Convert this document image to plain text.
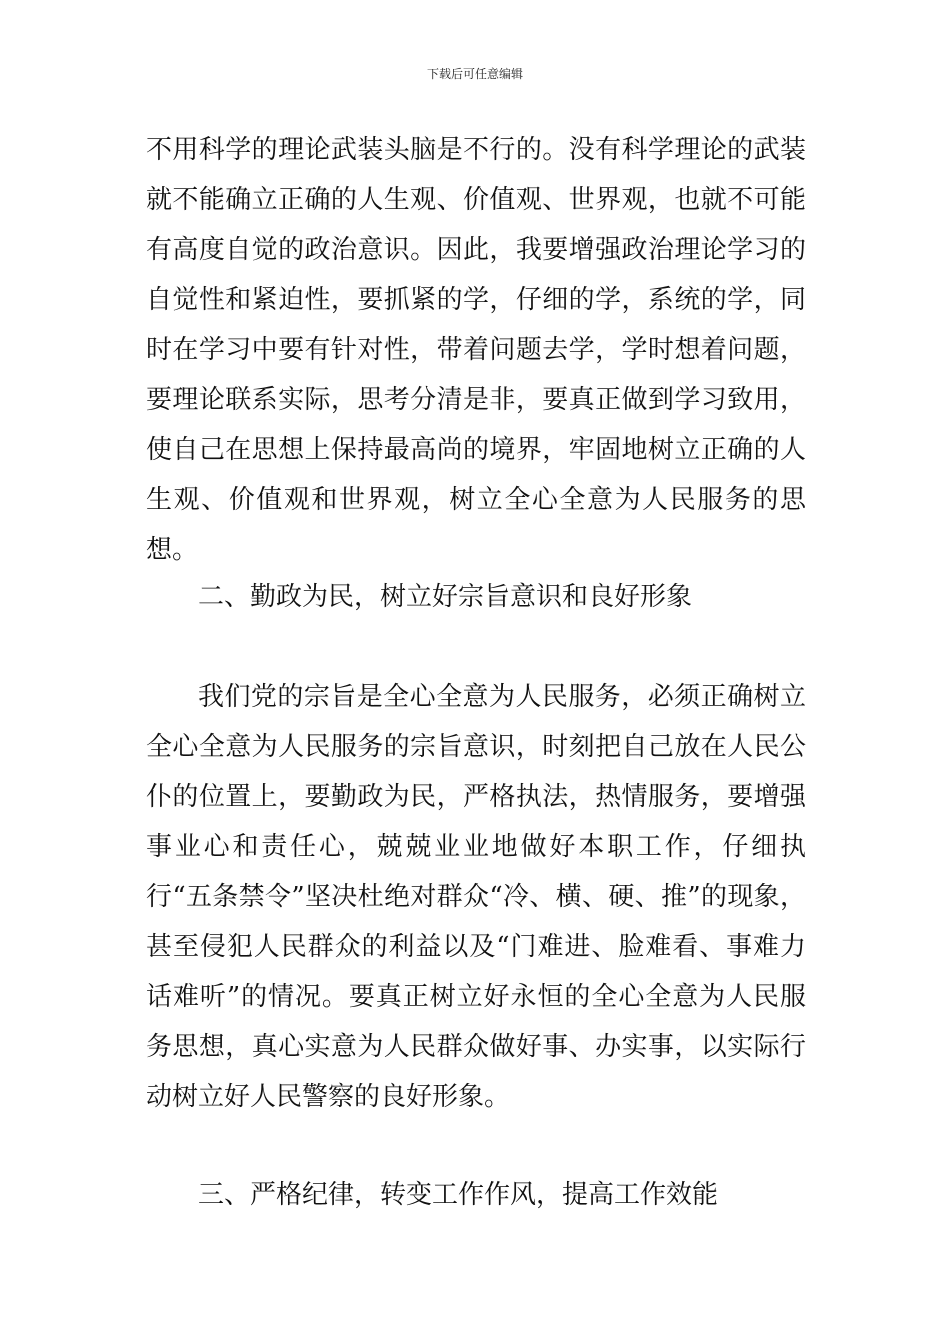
下载后可任意编辑

不用科学的理论武装头脑是不行的。没有科学理论的武装就不能确立正确的人生观、价值观、世界观，也就不可能有高度自觉的政治意识。因此，我要增强政治理论学习的自觉性和紧迫性，要抓紧的学，仔细的学，系统的学，同时在学习中要有针对性，带着问题去学，学时想着问题，要理论联系实际，思考分清是非，要真正做到学习致用，使自己在思想上保持最高尚的境界，牢固地树立正确的人生观、价值观和世界观，树立全心全意为人民服务的思想。

二、勤政为民，树立好宗旨意识和良好形象

我们党的宗旨是全心全意为人民服务，必须正确树立全心全意为人民服务的宗旨意识，时刻把自己放在人民公仆的位置上，要勤政为民，严格执法，热情服务，要增强事业心和责任心，兢兢业业地做好本职工作，仔细执行“五条禁令”坚决杜绝对群众“冷、横、硬、推”的现象，甚至侵犯人民群众的利益以及“门难进、脸难看、事难力话难听”的情况。要真正树立好永恒的全心全意为人民服务思想，真心实意为人民群众做好事、办实事，以实际行动树立好人民警察的良好形象。

三、严格纪律，转变工作作风，提高工作效能
